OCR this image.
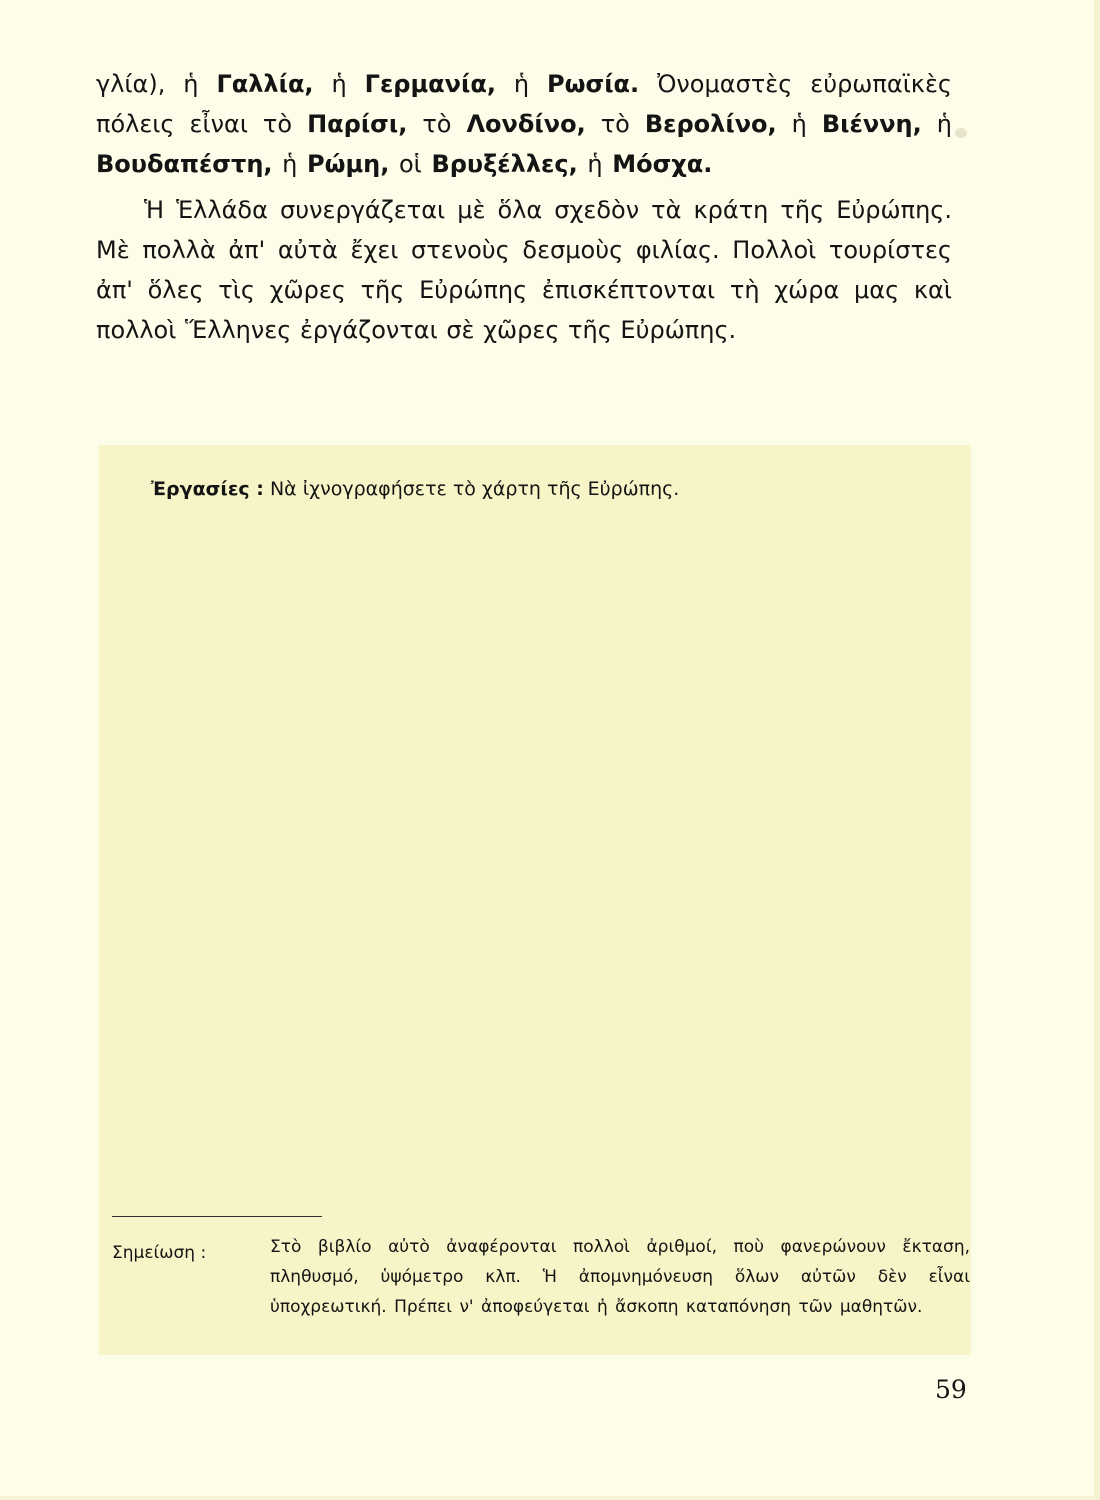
γλία), ἡ Γαλλία, ἡ Γερμανία, ἡ Ρωσία. Ὀνομαστὲς εὐρωπαϊκὲς πόλεις εἶναι τὸ Παρίσι, τὸ Λονδίνο, τὸ Βερολίνο, ἡ Βιέννη, ἡ Βουδαπέστη, ἡ Ρώμη, οἱ Βρυξέλλες, ἡ Μόσχα.

Ἡ Ἑλλάδα συνεργάζεται μὲ ὅλα σχεδὸν τὰ κράτη τῆς Εὐρώπης. Μὲ πολλὰ ἀπ' αὐτὰ ἔχει στενοὺς δεσμοὺς φιλίας. Πολλοὶ τουρίστες ἀπ' ὅλες τὶς χῶρες τῆς Εὐρώπης ἐπισκέπτονται τὴ χώρα μας καὶ πολλοὶ Ἕλληνες ἐργάζονται σὲ χῶρες τῆς Εὐρώπης.

Ἐργασίες : Νὰ ἰχνογραφήσετε τὸ χάρτη τῆς Εὐρώπης.
Σημείωση :	Στὸ βιβλίο αὐτὸ ἀναφέρονται πολλοὶ ἀριθμοί, ποὺ φανερώνουν ἔκταση, πληθυσμό, ὑψόμετρο κλπ. Ἡ ἀπομνημόνευση ὅλων αὐτῶν δὲν εἶναι ὑποχρεωτική. Πρέπει ν' ἀποφεύγεται ἡ ἄσκοπη καταπόνηση τῶν μαθητῶν.

59
